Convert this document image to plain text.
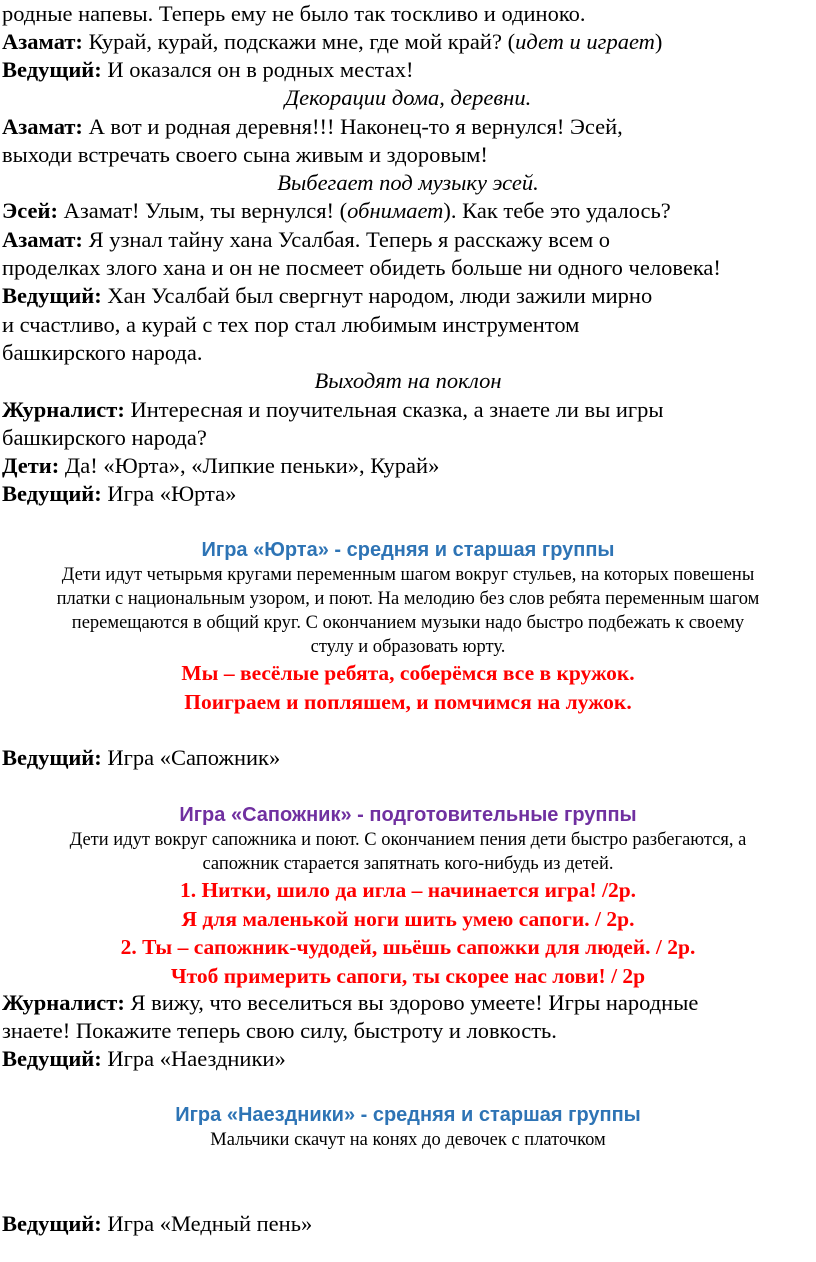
родные напевы. Теперь ему не было так тоскливо и одиноко.
Азамат: Курай, курай, подскажи мне, где мой край? (идет и играет)
Ведущий: И оказался он в родных местах!
Декорации дома, деревни.
Азамат: А вот и родная деревня!!! Наконец-то я вернулся! Эсей,
выходи встречать своего сына живым и здоровым!
Выбегает под музыку эсей.
Эсей: Азамат! Улым, ты вернулся! (обнимает). Как тебе это удалось?
Азамат: Я узнал тайну хана Усалбая. Теперь я расскажу всем о
проделках злого хана и он не посмеет обидеть больше ни одного человека!
Ведущий: Хан Усалбай был свергнут народом, люди зажили мирно
и счастливо, а курай с тех пор стал любимым инструментом
башкирского народа.
Выходят на поклон
Журналист: Интересная и поучительная сказка, а знаете ли вы игры
башкирского народа?
Дети: Да! «Юрта», «Липкие пеньки», Курай»
Ведущий: Игра «Юрта»
Игра «Юрта» - средняя и старшая группы
Дети идут четырьмя кругами переменным шагом вокруг стульев, на которых повешены
платки с национальным узором, и поют. На мелодию без слов ребята переменным шагом
перемещаются в общий круг. С окончанием музыки надо быстро подбежать к своему
стулу и образовать юрту.
Мы – весёлые ребята, соберёмся все в кружок.
Поиграем и попляшем, и помчимся на лужок.
Ведущий: Игра «Сапожник»
Игра «Сапожник» - подготовительные группы
Дети идут вокруг сапожника и поют. С окончанием пения дети быстро разбегаются, а
сапожник старается запятнать кого-нибудь из детей.
1. Нитки, шило да игла – начинается игра! /2р.
Я для маленькой ноги шить умею сапоги. / 2р.
2. Ты – сапожник-чудодей, шьёшь сапожки для людей. / 2р.
Чтоб примерить сапоги, ты скорее нас лови! / 2р
Журналист: Я вижу, что веселиться вы здорово умеете! Игры народные
знаете! Покажите теперь свою силу, быстроту и ловкость.
Ведущий: Игра «Наездники»
Игра «Наездники» - средняя и старшая группы
Мальчики скачут на конях до девочек с платочком
Ведущий: Игра «Медный пень»
